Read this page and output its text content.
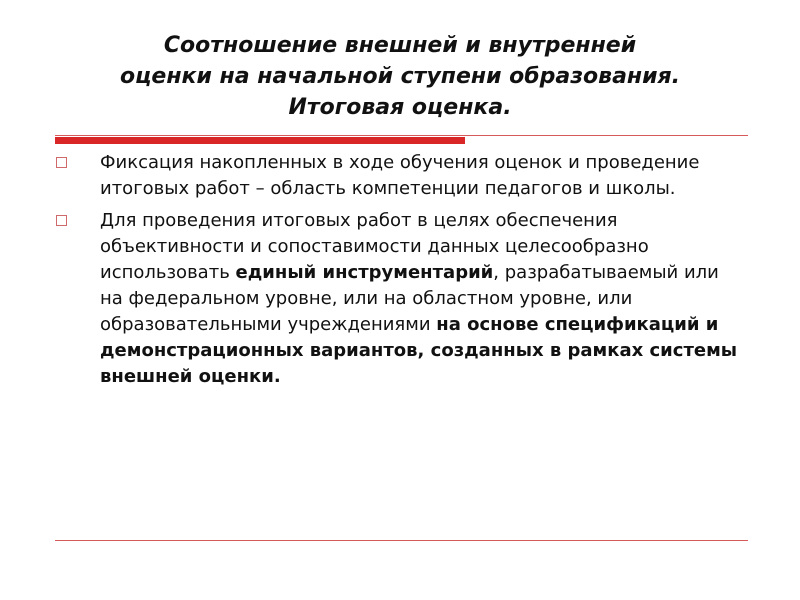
Соотношение внешней и внутренней
оценки на начальной ступени образования.
Итоговая оценка.
Фиксация накопленных в ходе обучения оценок и проведение итоговых работ – область компетенции педагогов и школы.
Для проведения итоговых работ в целях обеспечения объективности и сопоставимости данных целесообразно использовать единый инструментарий, разрабатываемый или на федеральном уровне, или на областном уровне, или образовательными учреждениями на основе спецификаций и демонстрационных вариантов, созданных в рамках системы внешней оценки.
